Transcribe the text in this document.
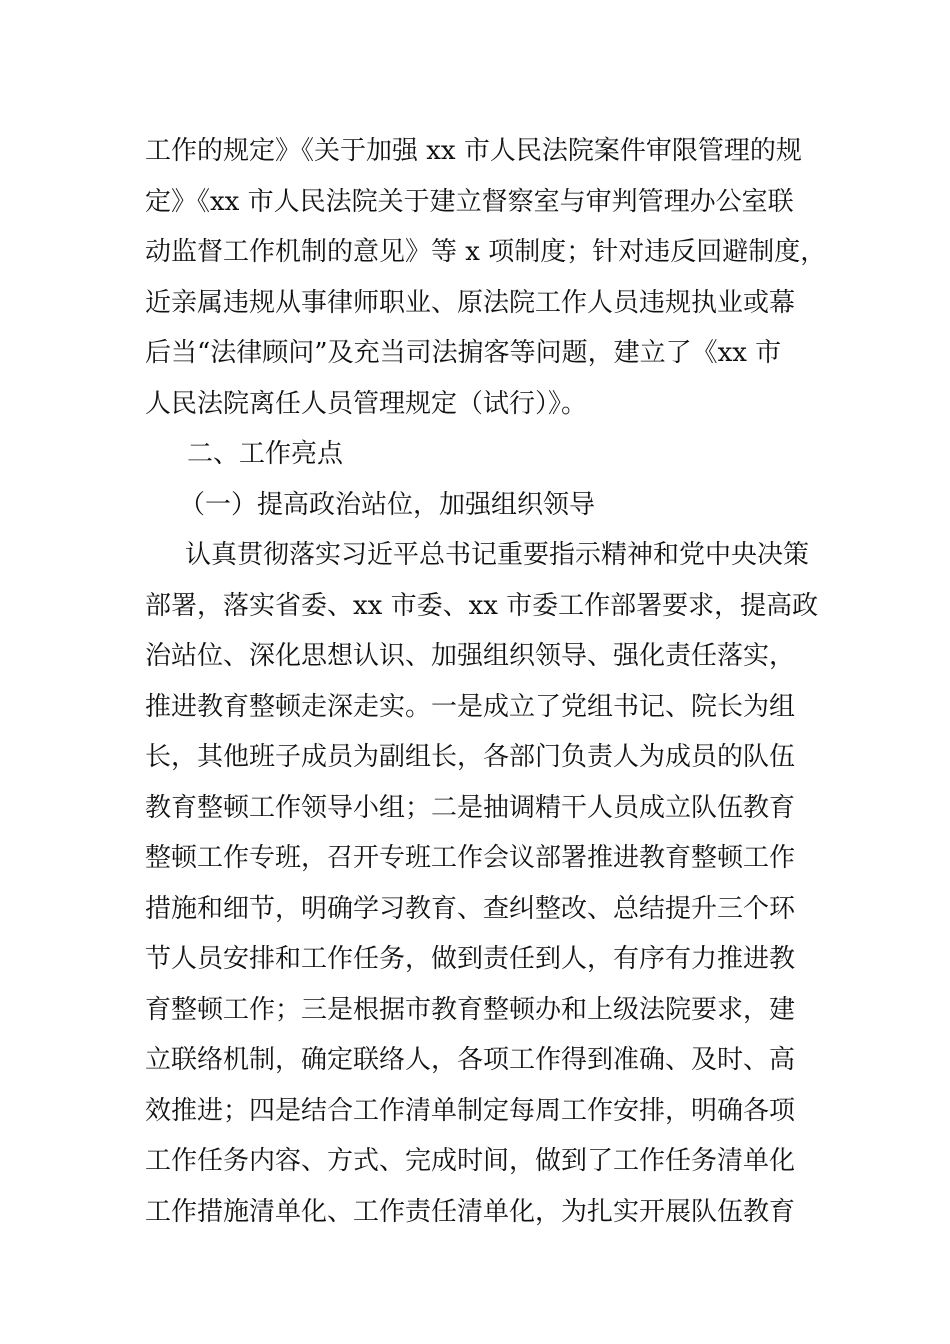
工作的规定》《关于加强 xx 市人民法院案件审限管理的规
定》《xx 市人民法院关于建立督察室与审判管理办公室联
动监督工作机制的意见》等 x 项制度；针对违反回避制度，
近亲属违规从事律师职业、原法院工作人员违规执业或幕
后当“法律顾问”及充当司法掮客等问题，建立了《xx 市
人民法院离任人员管理规定（试行）》。
二、工作亮点
（一）提高政治站位，加强组织领导
认真贯彻落实习近平总书记重要指示精神和党中央决策
部署，落实省委、xx 市委、xx 市委工作部署要求，提高政
治站位、深化思想认识、加强组织领导、强化责任落实，
推进教育整顿走深走实。一是成立了党组书记、院长为组
长，其他班子成员为副组长，各部门负责人为成员的队伍
教育整顿工作领导小组；二是抽调精干人员成立队伍教育
整顿工作专班，召开专班工作会议部署推进教育整顿工作
措施和细节，明确学习教育、查纠整改、总结提升三个环
节人员安排和工作任务，做到责任到人，有序有力推进教
育整顿工作；三是根据市教育整顿办和上级法院要求，建
立联络机制，确定联络人，各项工作得到准确、及时、高
效推进；四是结合工作清单制定每周工作安排，明确各项
工作任务内容、方式、完成时间，做到了工作任务清单化
工作措施清单化、工作责任清单化，为扎实开展队伍教育
